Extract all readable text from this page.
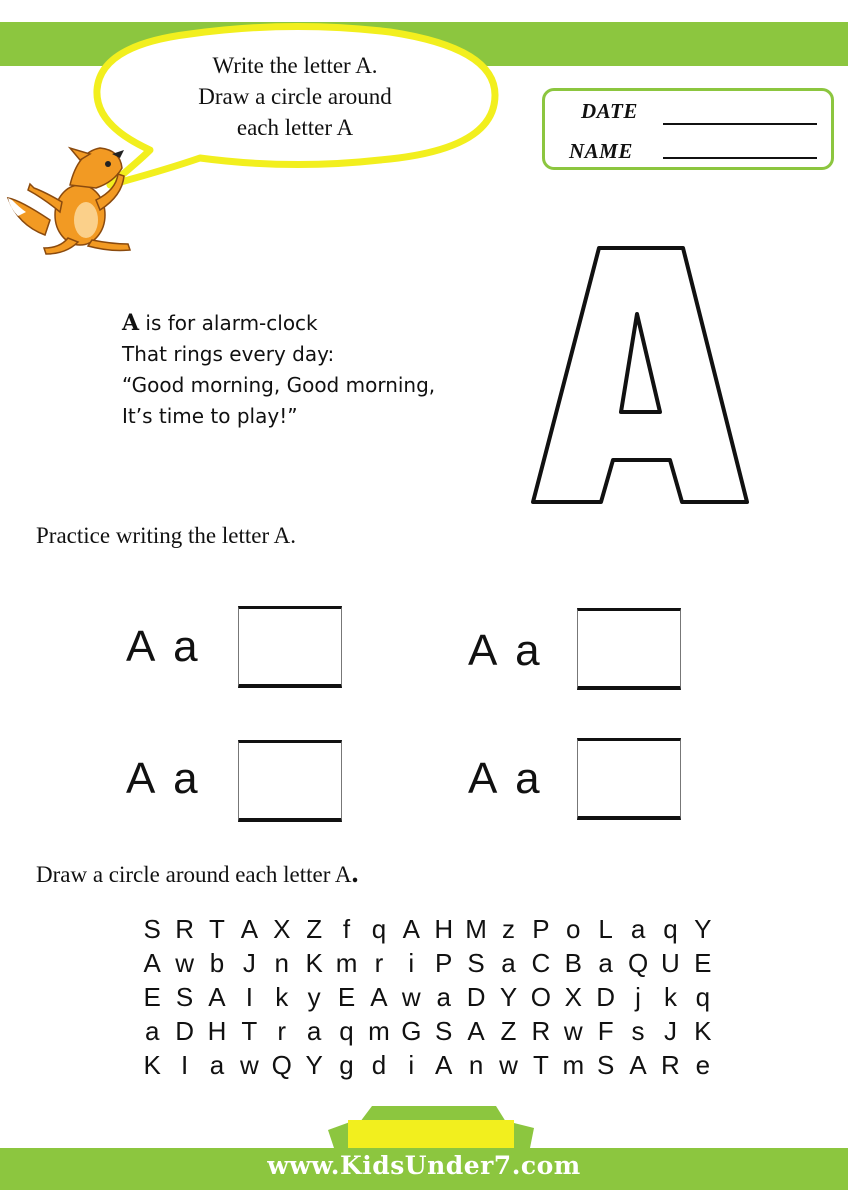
Write the letter A.
Draw a circle around
each letter A
DATE
NAME
A is for alarm-clock
That rings every day:
“Good morning, Good morning,
It’s time to play!”
Practice writing the letter A.
A a	A a
A a	A a
Draw a circle around each letter A.
S R T A X Z f q A H M z P o L a q Y
A w b J n K m r i P S a C B a Q U E
E S A I k y E A w a D Y O X D j k q
a D H T r a q m G S A Z R w F s J K
K I a w Q Y g d i A n w T m S A R e
www.KidsUnder7.com
